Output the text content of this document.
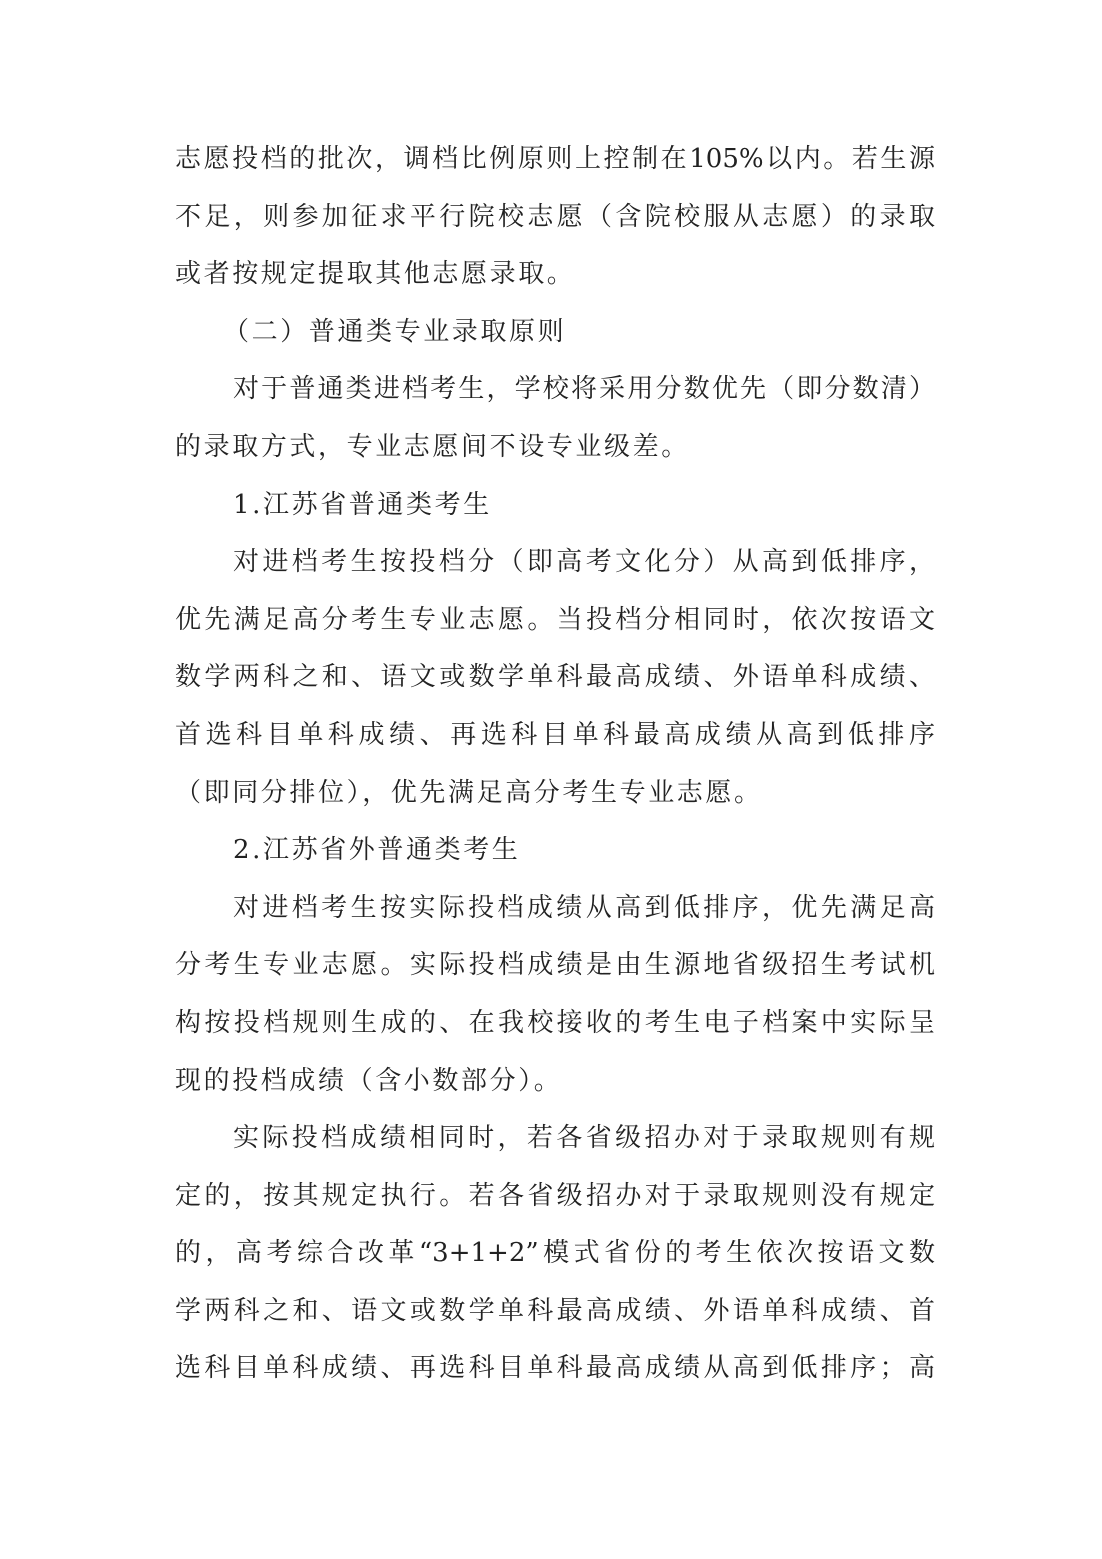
志愿投档的批次，调档比例原则上控制在105%以内。若生源
不足，则参加征求平行院校志愿（含院校服从志愿）的录取
或者按规定提取其他志愿录取。
（二）普通类专业录取原则
对于普通类进档考生，学校将采用分数优先（即分数清）
的录取方式，专业志愿间不设专业级差。
1.江苏省普通类考生
对进档考生按投档分（即高考文化分）从高到低排序，
优先满足高分考生专业志愿。当投档分相同时，依次按语文
数学两科之和、语文或数学单科最高成绩、外语单科成绩、
首选科目单科成绩、再选科目单科最高成绩从高到低排序
（即同分排位），优先满足高分考生专业志愿。
2.江苏省外普通类考生
对进档考生按实际投档成绩从高到低排序，优先满足高
分考生专业志愿。实际投档成绩是由生源地省级招生考试机
构按投档规则生成的、在我校接收的考生电子档案中实际呈
现的投档成绩（含小数部分）。
实际投档成绩相同时，若各省级招办对于录取规则有规
定的，按其规定执行。若各省级招办对于录取规则没有规定
的，高考综合改革“3+1+2”模式省份的考生依次按语文数
学两科之和、语文或数学单科最高成绩、外语单科成绩、首
选科目单科成绩、再选科目单科最高成绩从高到低排序；高
